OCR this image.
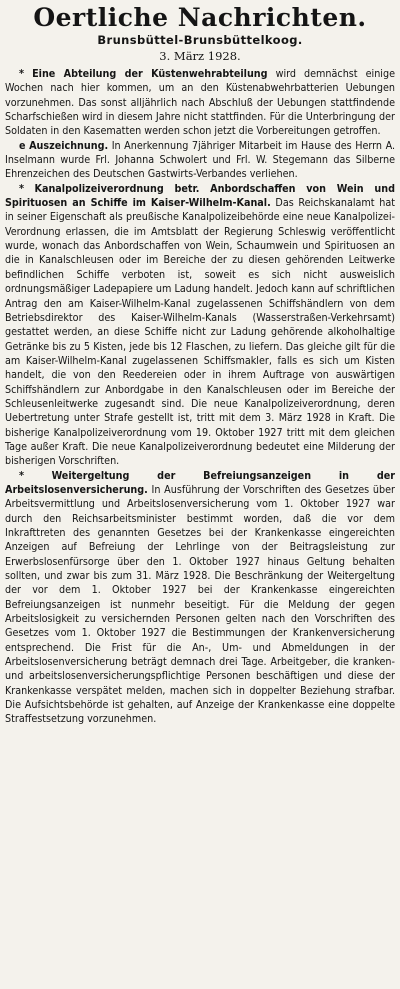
Oertliche Nachrichten.
Brunsbüttel-Brunsbüttelkoog.
3. März 1928.

* Eine Abteilung der Küstenwehrabteilung wird demnächst einige Wochen nach hier kommen, um an den Küstenabwehrbatterien Uebungen vorzunehmen. Das sonst alljährlich nach Abschluß der Uebungen stattfindende Scharfschießen wird in diesem Jahre nicht stattfinden. Für die Unterbringung der Soldaten in den Kasematten werden schon jetzt die Vorbereitungen getroffen.

e Auszeichnung. In Anerkennung 7jähriger Mitarbeit im Hause des Herrn A. Inselmann wurde Frl. Johanna Schwolert und Frl. W. Stegemann das Silberne Ehrenzeichen des Deutschen Gastwirts-Verbandes verliehen.

* Kanalpolizeiverordnung betr. Anbordschaffen von Wein und Spirituosen an Schiffe im Kaiser-Wilhelm-Kanal. Das Reichskanalamt hat in seiner Eigenschaft als preußische Kanalpolizeibehörde eine neue Kanalpolizei-Verordnung erlassen, die im Amtsblatt der Regierung Schleswig veröffentlicht wurde, wonach das Anbordschaffen von Wein, Schaumwein und Spirituosen an die in Kanalschleusen oder im Bereiche der zu diesen gehörenden Leitwerke befindlichen Schiffe verboten ist, soweit es sich nicht ausweislich ordnungsmäßiger Ladepapiere um Ladung handelt. Jedoch kann auf schriftlichen Antrag den am Kaiser-Wilhelm-Kanal zugelassenen Schiffshändlern von dem Betriebsdirektor des Kaiser-Wilhelm-Kanals (Wasserstraßen-Verkehrsamt) gestattet werden, an diese Schiffe nicht zur Ladung gehörende alkoholhaltige Getränke bis zu 5 Kisten, jede bis 12 Flaschen, zu liefern. Das gleiche gilt für die am Kaiser-Wilhelm-Kanal zugelassenen Schiffsmakler, falls es sich um Kisten handelt, die von den Reedereien oder in ihrem Auftrage von auswärtigen Schiffshändlern zur Anbordgabe in den Kanalschleusen oder im Bereiche der Schleusenleitwerke zugesandt sind. Die neue Kanalpolizeiverordnung, deren Uebertretung unter Strafe gestellt ist, tritt mit dem 3. März 1928 in Kraft. Die bisherige Kanalpolizeiverordnung vom 19. Oktober 1927 tritt mit dem gleichen Tage außer Kraft. Die neue Kanalpolizeiverordnung bedeutet eine Milderung der bisherigen Vorschriften.

*	Weitergeltung der Befreiungsanzeigen in der Arbeitslosenversicherung. In Ausführung der Vorschriften des Gesetzes über Arbeitsvermittlung und Arbeitslosenversicherung vom 1. Oktober 1927 war durch den Reichsarbeitsminister bestimmt worden, daß die vor dem Inkrafttreten des genannten Gesetzes bei der Krankenkasse eingereichten Anzeigen auf Befreiung der Lehrlinge von der Beitragsleistung zur Erwerbslosenfürsorge über den 1. Oktober 1927 hinaus Geltung behalten sollten, und zwar bis zum 31. März 1928. Die Beschränkung der Weitergeltung der vor dem 1. Oktober 1927 bei der Krankenkasse eingereichten Befreiungsanzeigen ist nunmehr beseitigt. Für die Meldung der gegen Arbeitslosigkeit zu versichernden Personen gelten nach den Vorschriften des Gesetzes vom 1. Oktober 1927 die Bestimmungen der Krankenversicherung entsprechend. Die Frist für die An-, Um- und Abmeldungen in der Arbeitslosenversicherung beträgt demnach drei Tage. Arbeitgeber, die kranken- und arbeitslosenversicherungspflichtige Personen beschäftigen und diese der Krankenkasse verspätet melden, machen sich in doppelter Beziehung strafbar. Die Aufsichtsbehörde ist gehalten, auf Anzeige der Krankenkasse eine doppelte Straffestsetzung vorzunehmen.
